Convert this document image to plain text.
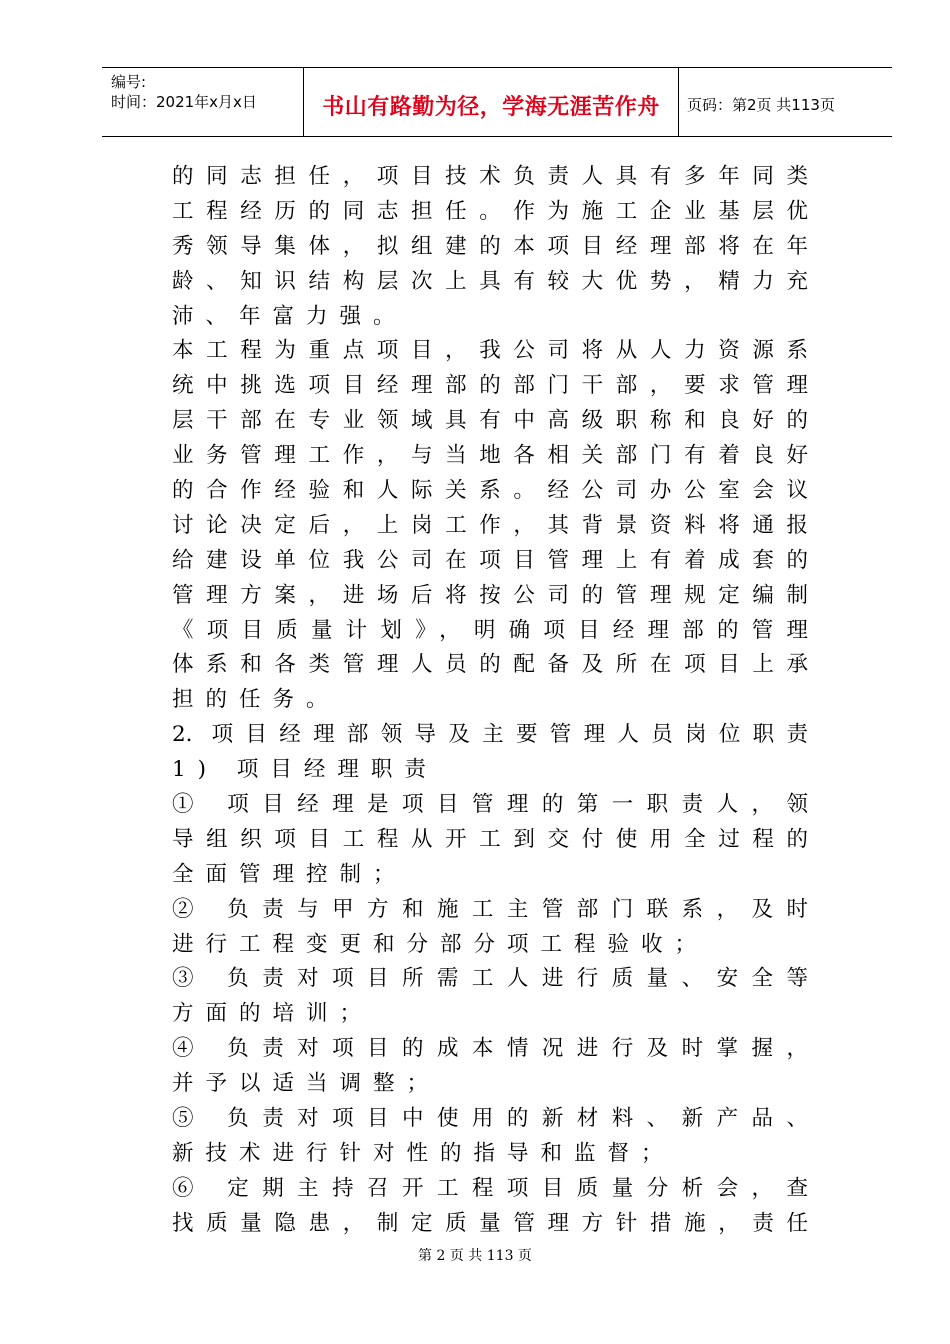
编号:
时间：2021年x月x日	书山有路勤为径，学海无涯苦作舟	页码：第2页 共113页
的同志担任，项目技术负责人具有多年同类
工程经历的同志担任。作为施工企业基层优
秀领导集体，拟组建的本项目经理部将在年
龄、知识结构层次上具有较大优势，精力充
沛、年富力强。
本工程为重点项目，我公司将从人力资源系
统中挑选项目经理部的部门干部，要求管理
层干部在专业领域具有中高级职称和良好的
业务管理工作，与当地各相关部门有着良好
的合作经验和人际关系。经公司办公室会议
讨论决定后，上岗工作，其背景资料将通报
给建设单位我公司在项目管理上有着成套的
管理方案，进场后将按公司的管理规定编制
《项目质量计划》，明确项目经理部的管理
体系和各类管理人员的配备及所在项目上承
担的任务。
2. 项目经理部领导及主要管理人员岗位职责
1) 项目经理职责
① 项目经理是项目管理的第一职责人，领
导组织项目工程从开工到交付使用全过程的
全面管理控制；
② 负责与甲方和施工主管部门联系，及时
进行工程变更和分部分项工程验收；
③ 负责对项目所需工人进行质量、安全等
方面的培训；
④ 负责对项目的成本情况进行及时掌握，
并予以适当调整；
⑤ 负责对项目中使用的新材料、新产品、
新技术进行针对性的指导和监督；
⑥ 定期主持召开工程项目质量分析会，查
找质量隐患，制定质量管理方针措施，责任
第 2 页 共 113 页
